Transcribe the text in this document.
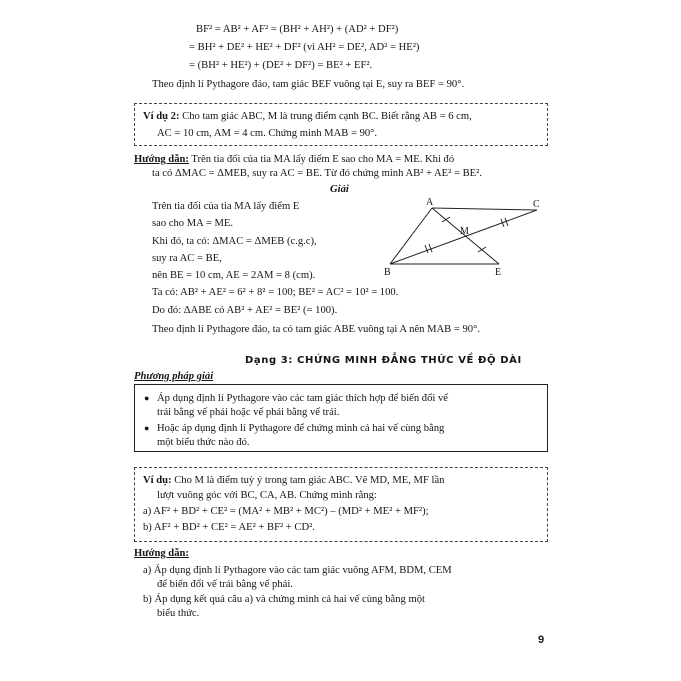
BF² = AB² + AF² = (BH² + AH²) + (AD² + DF²)
= BH² + DE² + HE² + DF² (vì AH² = DE², AD² = HE²)
= (BH² + HE²) + (DE² + DF²) = BE² + EF².
Theo định lí Pythagore đảo, tam giác BEF vuông tại E, suy ra BEF = 90°.
Ví dụ 2: Cho tam giác ABC, M là trung điểm cạnh BC. Biết rằng AB = 6 cm,
AC = 10 cm, AM = 4 cm. Chứng minh MAB = 90°.
Hướng dẫn: Trên tia đối của tia MA lấy điểm E sao cho MA = ME. Khi đó
ta có ΔMAC = ΔMEB, suy ra AC = BE. Từ đó chứng minh AB² + AE² = BE².
Giải
Trên tia đối của tia MA lấy điểm E
sao cho MA = ME.
Khi đó, ta có: ΔMAC = ΔMEB (c.g.c),
suy ra AC = BE,
nên BE = 10 cm, AE = 2AM = 8 (cm).
Ta có: AB² + AE² = 6² + 8² = 100; BE² = AC² = 10² = 100.
Do đó: ΔABE có AB² + AE² = BE² (= 100).
Theo định lí Pythagore đảo, ta có tam giác ABE vuông tại A nên MAB = 90°.
A	C
M
B	E
Dạng 3: CHỨNG MINH ĐẲNG THỨC VỀ ĐỘ DÀI
Phương pháp giải
● Áp dụng định lí Pythagore vào các tam giác thích hợp để biến đổi vế
trái bằng vế phải hoặc vế phải bằng vế trái.
● Hoặc áp dụng định lí Pythagore để chứng minh cả hai vế cùng bằng
một biểu thức nào đó.
Ví dụ: Cho M là điểm tuỳ ý trong tam giác ABC. Vẽ MD, ME, MF lần
lượt vuông góc với BC, CA, AB. Chứng minh rằng:
a) AF² + BD² + CE² = (MA² + MB² + MC²) – (MD² + ME² + MF²);
b) AF² + BD² + CE² = AE² + BF² + CD².
Hướng dẫn:
a) Áp dụng định lí Pythagore vào các tam giác vuông AFM, BDM, CEM
để biến đổi vế trái bằng vế phải.
b) Áp dụng kết quả câu a) và chứng minh cả hai vế cùng bằng một
biểu thức.
9
